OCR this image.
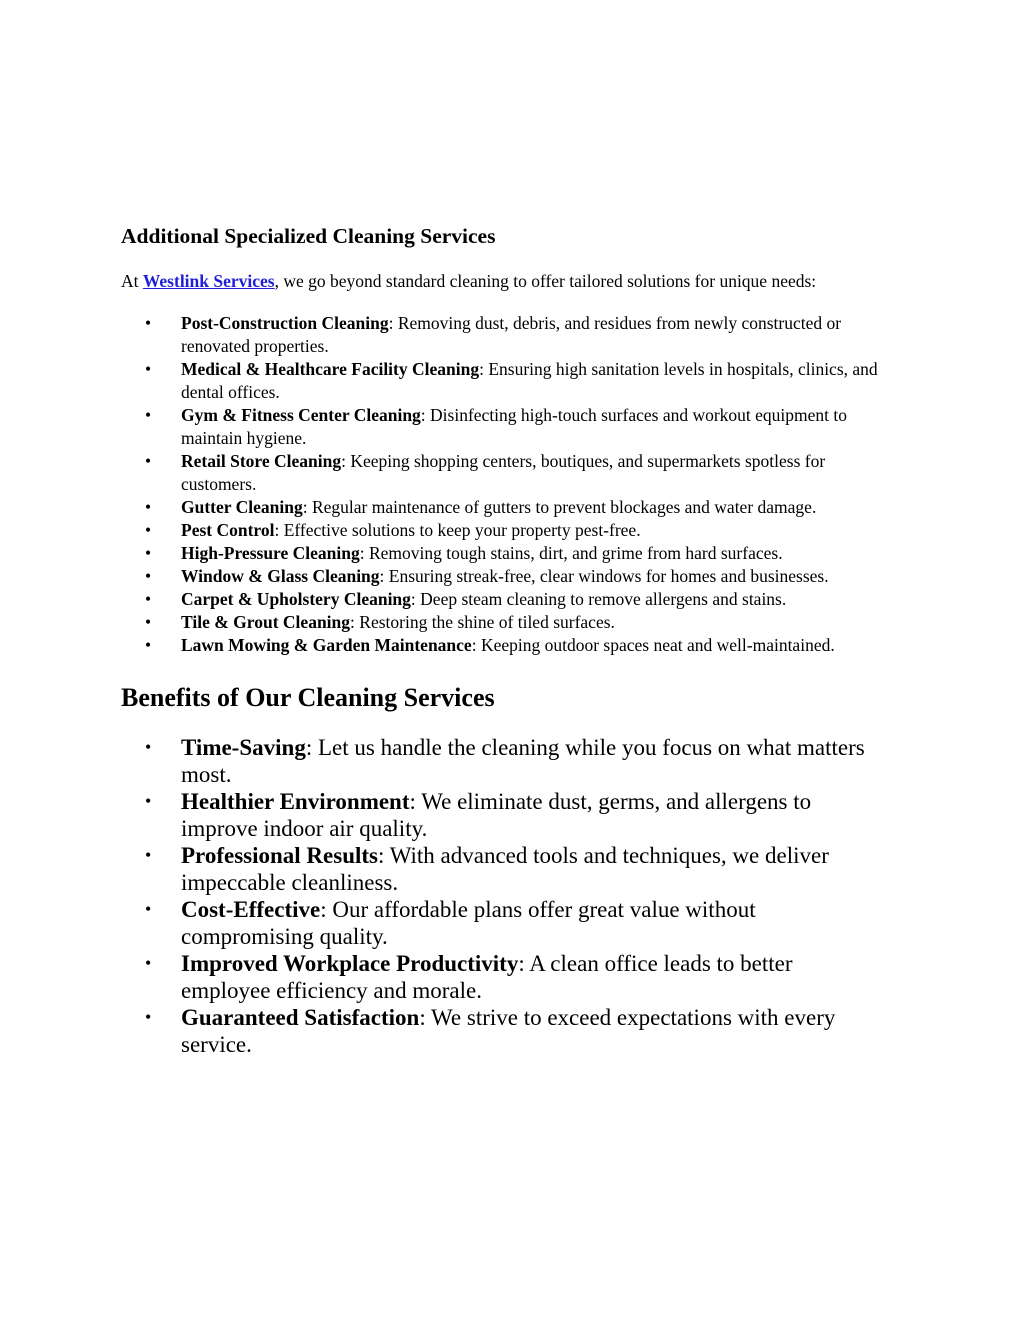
Additional Specialized Cleaning Services

At Westlink Services, we go beyond standard cleaning to offer tailored solutions for unique needs:

• Post-Construction Cleaning: Removing dust, debris, and residues from newly constructed or renovated properties.
• Medical & Healthcare Facility Cleaning: Ensuring high sanitation levels in hospitals, clinics, and dental offices.
• Gym & Fitness Center Cleaning: Disinfecting high-touch surfaces and workout equipment to maintain hygiene.
• Retail Store Cleaning: Keeping shopping centers, boutiques, and supermarkets spotless for customers.
• Gutter Cleaning: Regular maintenance of gutters to prevent blockages and water damage.
• Pest Control: Effective solutions to keep your property pest-free.
• High-Pressure Cleaning: Removing tough stains, dirt, and grime from hard surfaces.
• Window & Glass Cleaning: Ensuring streak-free, clear windows for homes and businesses.
• Carpet & Upholstery Cleaning: Deep steam cleaning to remove allergens and stains.
• Tile & Grout Cleaning: Restoring the shine of tiled surfaces.
• Lawn Mowing & Garden Maintenance: Keeping outdoor spaces neat and well-maintained.
Benefits of Our Cleaning Services
• Time-Saving: Let us handle the cleaning while you focus on what matters most.
• Healthier Environment: We eliminate dust, germs, and allergens to improve indoor air quality.
• Professional Results: With advanced tools and techniques, we deliver impeccable cleanliness.
• Cost-Effective: Our affordable plans offer great value without compromising quality.
• Improved Workplace Productivity: A clean office leads to better employee efficiency and morale.
• Guaranteed Satisfaction: We strive to exceed expectations with every service.
